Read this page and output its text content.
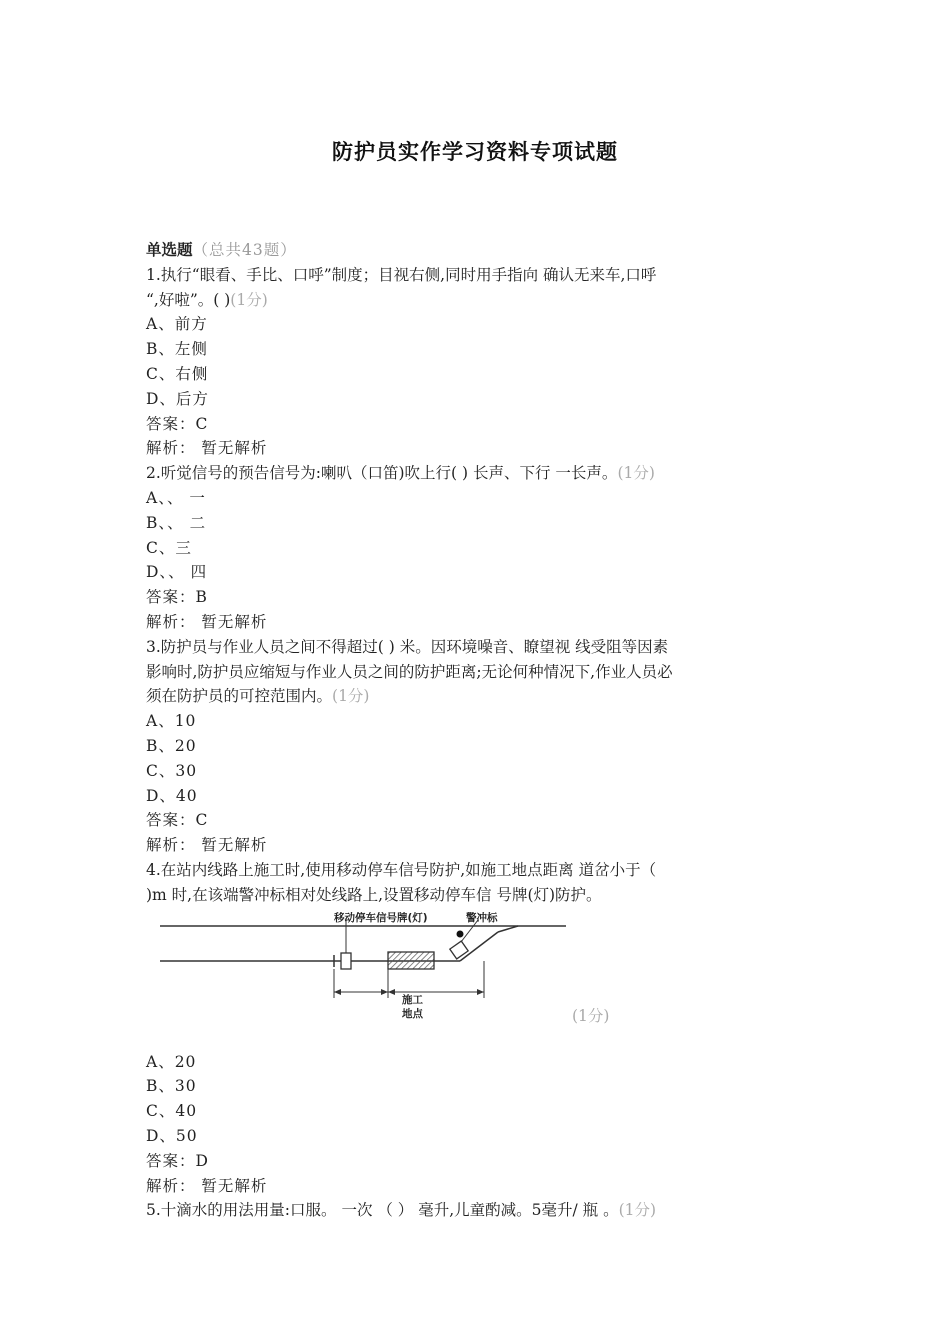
防护员实作学习资料专项试题
单选题（总共43题）
1.执行“眼看、手比、口呼”制度；目视右侧,同时用手指向 确认无来车,口呼
“,好啦”。( )(1分)
A、前方
B、左侧
C、右侧
D、后方
答案：C
解析： 暂无解析
2.听觉信号的预告信号为:喇叭（口笛)吹上行( ) 长声、下行 一长声。(1分)
A、、 一
B、、 二
C、三
D、、 四
答案：B
解析： 暂无解析
3.防护员与作业人员之间不得超过( ) 米。因环境噪音、瞭望视 线受阻等因素
影响时,防护员应缩短与作业人员之间的防护距离;无论何种情况下,作业人员必
须在防护员的可控范围内。(1分)
A、10
B、20
C、30
D、40
答案：C
解析： 暂无解析
4.在站内线路上施工时,使用移动停车信号防护,如施工地点距离 道岔小于（
)m 时,在该端警冲标相对处线路上,设置移动停车信 号牌(灯)防护。
移动停车信号牌(灯)	警冲标
施工
地点	(1分)
A、20
B、30
C、40
D、50
答案：D
解析： 暂无解析
5.十滴水的用法用量:口服。 一次 （ ） 毫升,儿童酌减。5毫升/ 瓶 。(1分)
